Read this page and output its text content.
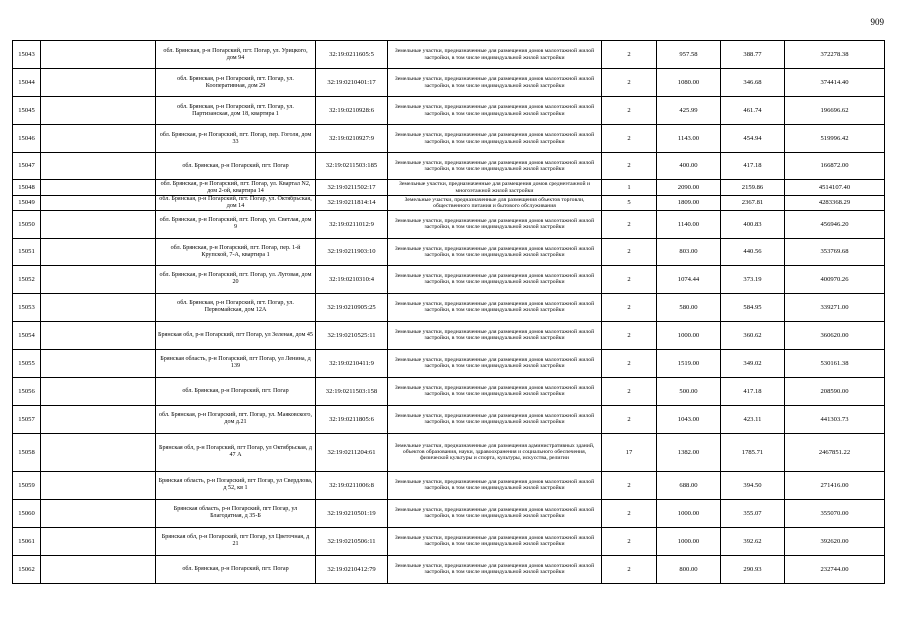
909
15043		обл. Брянская, р-н Погарский, пгт. Погар, ул. Урицкого, дом 94	32:19:0211605:5	Земельные участки, предназначенные для размещения домов малоэтажной жилой застройки, в том числе индивидуальной жилой застройки	2	957.58	388.77	372278.38
15044		обл. Брянская, р-н Погарский, пгт. Погар, ул. Кооперативная, дом 29	32:19:0210401:17	Земельные участки, предназначенные для размещения домов малоэтажной жилой застройки, в том числе индивидуальной жилой застройки	2	1080.00	346.68	374414.40
15045		обл. Брянская, р-н Погарский, пгт. Погар, ул. Партизанская, дом 18, квартира 1	32:19:0210928:6	Земельные участки, предназначенные для размещения домов малоэтажной жилой застройки, в том числе индивидуальной жилой застройки	2	425.99	461.74	196696.62
15046		обл. Брянская, р-н Погарский, пгт. Погар, пер. Гоголя, дом 33	32:19:0210927:9	Земельные участки, предназначенные для размещения домов малоэтажной жилой застройки, в том числе индивидуальной жилой застройки	2	1143.00	454.94	519996.42
15047		обл. Брянская, р-н Погарский, пгт. Погар	32:19:0211503:185	Земельные участки, предназначенные для размещения домов малоэтажной жилой застройки, в том числе индивидуальной жилой застройки	2	400.00	417.18	166872.00
15048		обл. Брянская, р-н Погарский, пгт. Погар, ул. Квартал N2, дом 2-ой, квартира 14	32:19:0211502:17	Земельные участки, предназначенные для размещения домов среднеэтажной и многоэтажной жилой застройки	1	2090.00	2159.86	4514107.40
15049		обл. Брянская, р-н Погарский, пгт. Погар, ул. Октябрьская, дом 14	32:19:0211814:14	Земельные участки, предназначенные для размещения объектов торговли, общественного питания и бытового обслуживания	5	1809.00	2367.81	4283368.29
15050		обл. Брянская, р-н Погарский, пгт. Погар, ул. Светлая, дом 9	32:19:0211012:9	Земельные участки, предназначенные для размещения домов малоэтажной жилой застройки, в том числе индивидуальной жилой застройки	2	1140.00	400.83	456946.20
15051		обл. Брянская, р-н Погарский, пгт. Погар, пер. 1-й Крупской, 7-А, квартира 1	32:19:0211903:10	Земельные участки, предназначенные для размещения домов малоэтажной жилой застройки, в том числе индивидуальной жилой застройки	2	803.00	440.56	353769.68
15052		обл. Брянская, р-н Погарский, пгт. Погар, ул. Луговая, дом 20	32:19:0210310:4	Земельные участки, предназначенные для размещения домов малоэтажной жилой застройки, в том числе индивидуальной жилой застройки	2	1074.44	373.19	400970.26
15053		обл. Брянская, р-н Погарский, пгт. Погар, ул. Первомайская, дом 12А	32:19:0210905:25	Земельные участки, предназначенные для размещения домов малоэтажной жилой застройки, в том числе индивидуальной жилой застройки	2	580.00	584.95	339271.00
15054		Брянская обл, р-н Погарский, пгт Погар, ул Зеленая, дом 45	32:19:0210525:11	Земельные участки, предназначенные для размещения домов малоэтажной жилой застройки, в том числе индивидуальной жилой застройки	2	1000.00	360.62	360620.00
15055		Брянская область, р-н Погарский, пгт Погар, ул Ленина, д 139	32:19:0210411:9	Земельные участки, предназначенные для размещения домов малоэтажной жилой застройки, в том числе индивидуальной жилой застройки	2	1519.00	349.02	530161.38
15056		обл. Брянская, р-н Погарский, пгт. Погар	32:19:0211503:158	Земельные участки, предназначенные для размещения домов малоэтажной жилой застройки, в том числе индивидуальной жилой застройки	2	500.00	417.18	208590.00
15057		обл. Брянская, р-н Погарский, пгт. Погар, ул. Маяковского, дом д.21	32:19:0211805:6	Земельные участки, предназначенные для размещения домов малоэтажной жилой застройки, в том числе индивидуальной жилой застройки	2	1043.00	423.11	441303.73
15058		Брянская обл, р-н Погарский, пгт Погар, ул Октябрьская, д 47 А	32:19:0211204:61	Земельные участки, предназначенные для размещения административных зданий, объектов образования, науки, здравоохранения и социального обеспечения, физической культуры и спорта, культуры, искусства, религии	17	1382.00	1785.71	2467851.22
15059		Брянская область, р-н Погарский, пгт Погар, ул Свердлова, д 52, кв 1	32:19:0211006:8	Земельные участки, предназначенные для размещения домов малоэтажной жилой застройки, в том числе индивидуальной жилой застройки	2	688.00	394.50	271416.00
15060		Брянская область, р-н Погарский, пгт Погар, ул Благодатная, д 35-Б	32:19:0210501:19	Земельные участки, предназначенные для размещения домов малоэтажной жилой застройки, в том числе индивидуальной жилой застройки	2	1000.00	355.07	355070.00
15061		Брянская обл, р-н Погарский, пгт Погар, ул Цветочная, д 21	32:19:0210506:11	Земельные участки, предназначенные для размещения домов малоэтажной жилой застройки, в том числе индивидуальной жилой застройки	2	1000.00	392.62	392620.00
15062		обл. Брянская, р-н Погарский, пгт. Погар	32:19:0210412:79	Земельные участки, предназначенные для размещения домов малоэтажной жилой застройки, в том числе индивидуальной жилой застройки	2	800.00	290.93	232744.00
